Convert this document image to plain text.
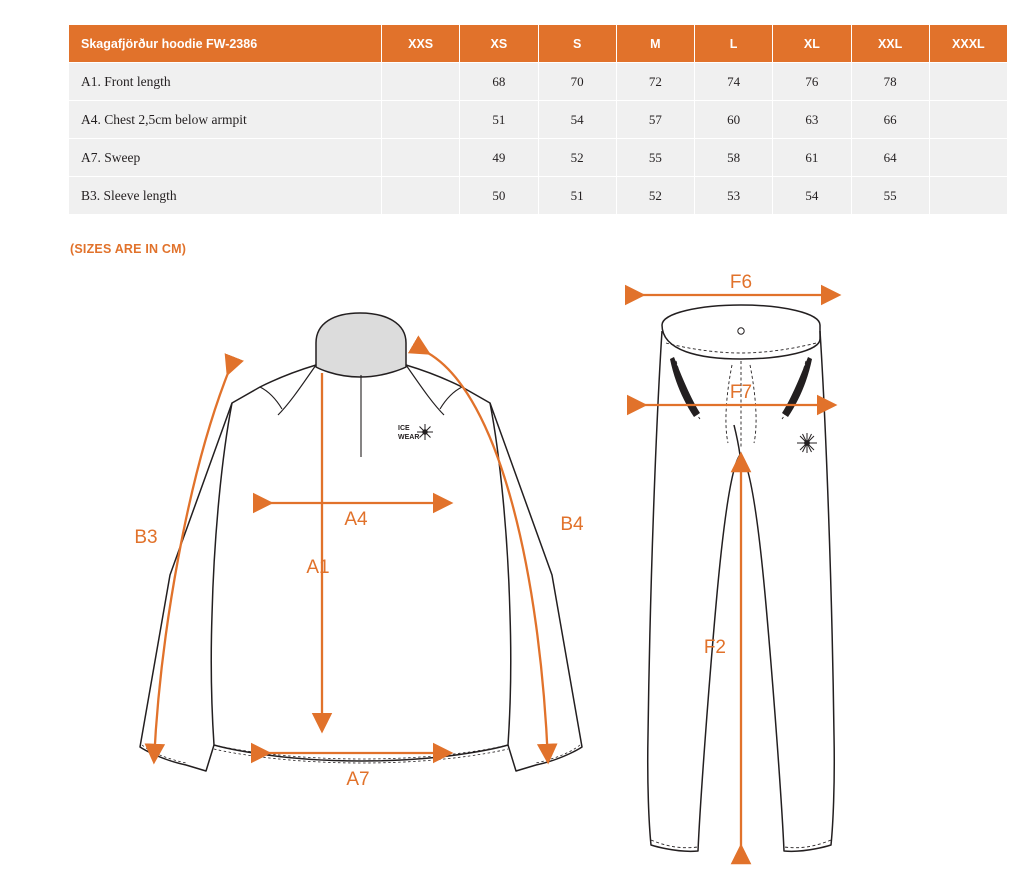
Skagafjörður hoodie FW-2386	XXS	XS	S	M	L	XL	XXL	XXXL
A1. Front length		68	70	72	74	76	78	
A4. Chest 2,5cm below armpit		51	54	57	60	63	66	
A7. Sweep		49	52	55	58	61	64	
B3. Sleeve length		50	51	52	53	54	55	
(SIZES ARE IN CM)
ICE
WEAR
A4
A1
A7
B3
B4
F6
F7
F2
